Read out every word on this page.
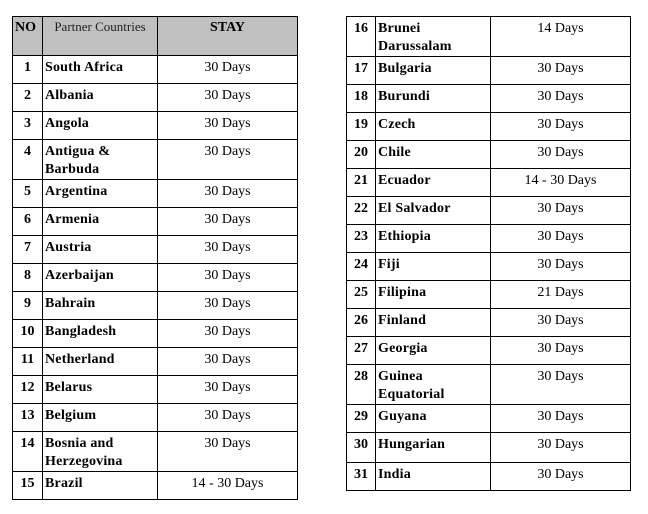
NO	Partner Countries	STAY
1	South Africa	30 Days
2	Albania	30 Days
3	Angola	30 Days
4	Antigua & Barbuda	30 Days
5	Argentina	30 Days
6	Armenia	30 Days
7	Austria	30 Days
8	Azerbaijan	30 Days
9	Bahrain	30 Days
10	Bangladesh	30 Days
11	Netherland	30 Days
12	Belarus	30 Days
13	Belgium	30 Days
14	Bosnia and Herzegovina	30 Days
15	Brazil	14 - 30 Days
16	Brunei Darussalam	14 Days
17	Bulgaria	30 Days
18	Burundi	30 Days
19	Czech	30 Days
20	Chile	30 Days
21	Ecuador	14 - 30 Days
22	El Salvador	30 Days
23	Ethiopia	30 Days
24	Fiji	30 Days
25	Filipina	21 Days
26	Finland	30 Days
27	Georgia	30 Days
28	Guinea Equatorial	30 Days
29	Guyana	30 Days
30	Hungarian	30 Days
31	India	30 Days
